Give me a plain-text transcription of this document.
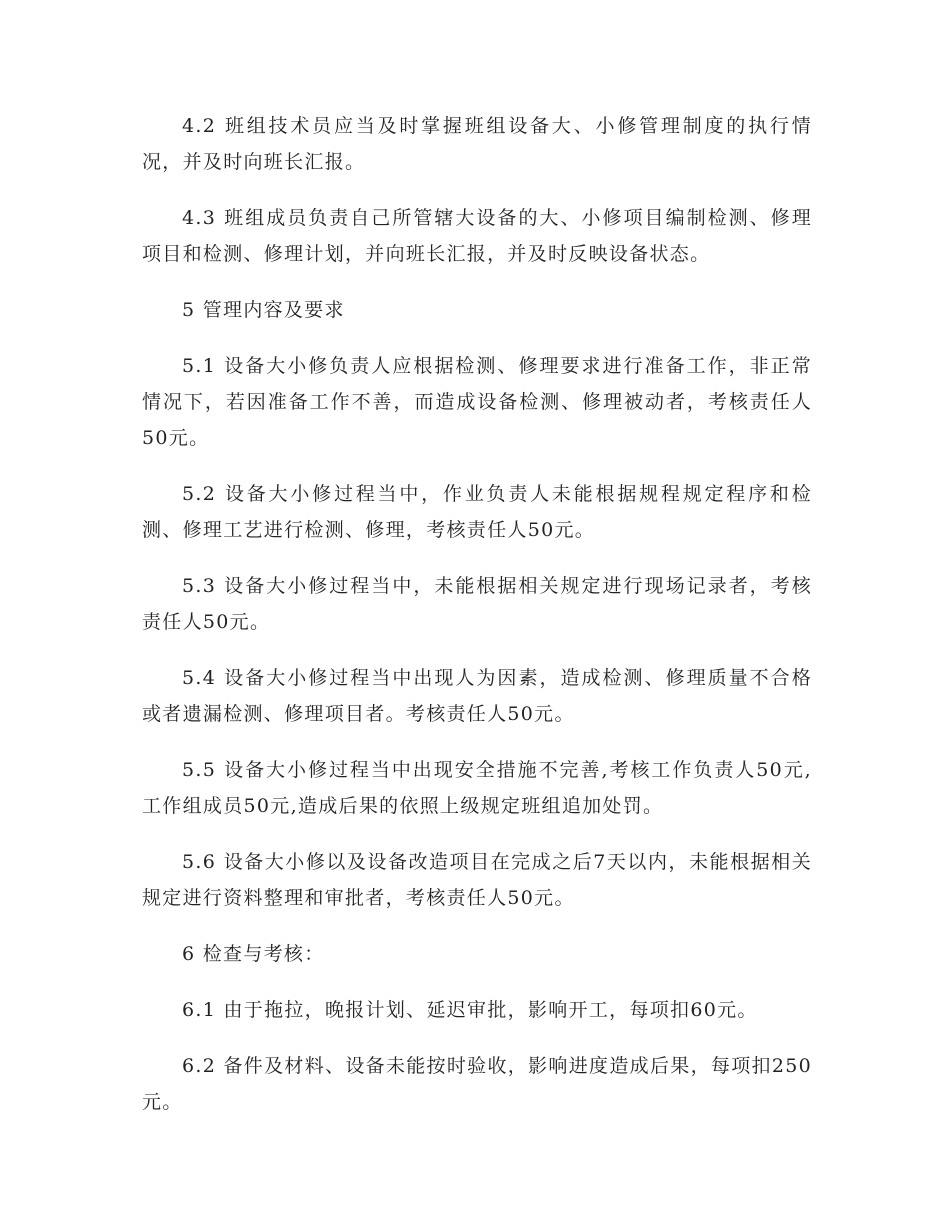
4.2 班组技术员应当及时掌握班组设备大、小修管理制度的执行情况，并及时向班长汇报。

4.3 班组成员负责自己所管辖大设备的大、小修项目编制检测、修理项目和检测、修理计划，并向班长汇报，并及时反映设备状态。

5 管理内容及要求

5.1 设备大小修负责人应根据检测、修理要求进行准备工作，非正常情况下，若因准备工作不善，而造成设备检测、修理被动者，考核责任人50元。

5.2 设备大小修过程当中，作业负责人未能根据规程规定程序和检测、修理工艺进行检测、修理，考核责任人50元。

5.3 设备大小修过程当中，未能根据相关规定进行现场记录者，考核责任人50元。

5.4 设备大小修过程当中出现人为因素，造成检测、修理质量不合格或者遗漏检测、修理项目者。考核责任人50元。

5.5 设备大小修过程当中出现安全措施不完善,考核工作负责人50元,工作组成员50元,造成后果的依照上级规定班组追加处罚。

5.6 设备大小修以及设备改造项目在完成之后7天以内，未能根据相关规定进行资料整理和审批者，考核责任人50元。

6 检查与考核：

6.1 由于拖拉，晚报计划、延迟审批，影响开工，每项扣60元。

6.2 备件及材料、设备未能按时验收，影响进度造成后果，每项扣250元。
